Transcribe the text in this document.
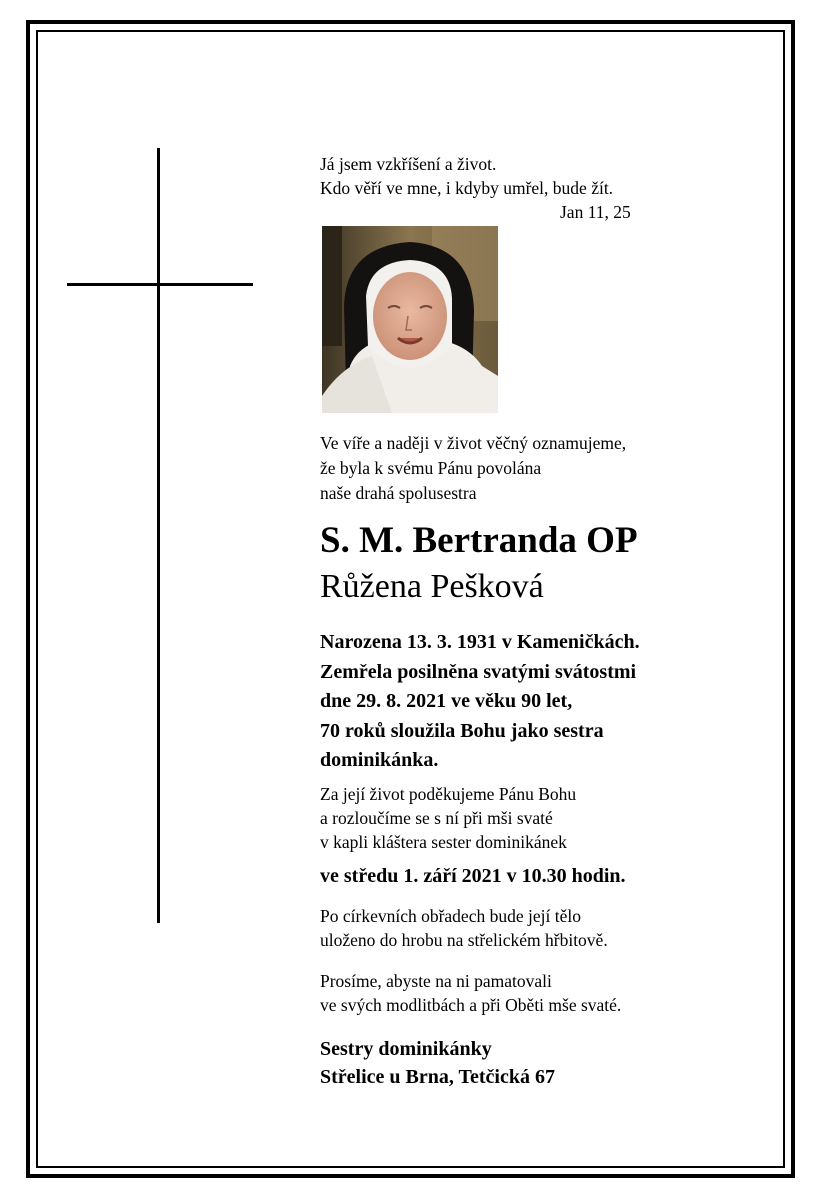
Já jsem vzkříšení a život.
Kdo věří ve mne, i kdyby umřel, bude žít.
Jan 11, 25
Ve víře a naději v život věčný oznamujeme,
že byla k svému Pánu povolána
naše drahá spolusestra
S. M. Bertranda OP
Růžena Pešková
Narozena 13. 3. 1931 v Kameničkách.
Zemřela posilněna svatými svátostmi
dne 29. 8. 2021 ve věku 90 let,
70 roků sloužila Bohu jako sestra
dominikánka.
Za její život poděkujeme Pánu Bohu
a rozloučíme se s ní při mši svaté
v kapli kláštera sester dominikánek
ve středu 1. září 2021 v 10.30 hodin.
Po církevních obřadech bude její tělo
uloženo do hrobu na střelickém hřbitově.
Prosíme, abyste na ni pamatovali
ve svých modlitbách a při Oběti mše svaté.
Sestry dominikánky
Střelice u Brna, Tetčická 67
